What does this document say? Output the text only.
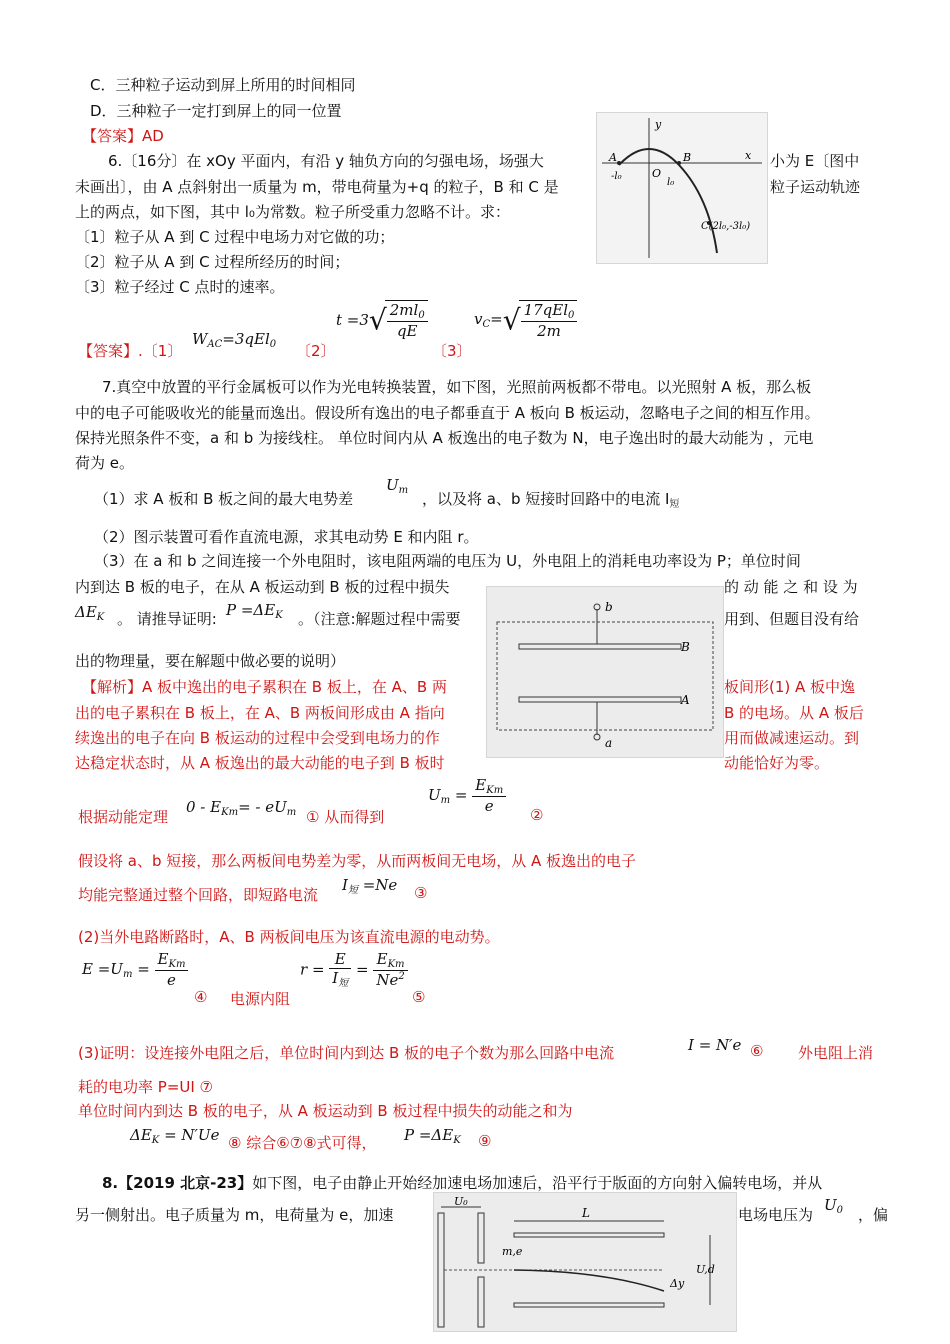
C．三种粒子运动到屏上所用的时间相同
D．三种粒子一定打到屏上的同一位置
【答案】AD
6.〔16分〕在 xOy 平面内，有沿 y 轴负方向的匀强电场，场强大	小为 E〔图中
未画出〕，由 A 点斜射出一质量为 m，带电荷量为+q 的粒子，B 和 C 是	粒子运动轨迹
上的两点，如下图，其中 l₀为常数。粒子所受重力忽略不计。求：
〔1〕粒子从 A 到 C 过程中电场力对它做的功；
〔2〕粒子从 A 到 C 过程所经历的时间；
〔3〕粒子经过 C 点时的速率。
y
x
A	B
O
-l₀
l₀
C(2l₀,-3l₀)
【答案】.〔1〕
$W_{AC}=3qEl_0$ 〔2〕
t =3√
$\frac{2ml_0}{qE}$
〔3〕
$v_C=√$
$\frac{17qEl_0}{2m}$
7.真空中放置的平行金属板可以作为光电转换装置，如下图，光照前两板都不带电。以光照射 A 板，那么板
中的电子可能吸收光的能量而逸出。假设所有逸出的电子都垂直于 A 板向 B 板运动，忽略电子之间的相互作用。
保持光照条件不变，a 和 b 为接线柱。 单位时间内从 A 板逸出的电子数为 N，电子逸出时的最大动能为 ，元电
荷为 e。
（1）求 A 板和 B 板之间的最大电势差
$U_m$ ，以及将 a、b 短接时回路中的电流 $I_短$
（2）图示装置可看作直流电源，求其电动势 E 和内阻 r。
（3）在 a 和 b 之间连接一个外电阻时，该电阻两端的电压为 U，外电阻上的消耗电功率设为 P；单位时间
内到达 B 板的电子，在从 A 板运动到 B 板的过程中损失	的 动 能 之 和 设 为
$\Delta E_K$ 。 请推导证明: $P =\Delta E_K$ 。（注意:解题过程中需要	用到、但题目没有给
出的物理量，要在解题中做必要的说明）
b
a
B
A
【解析】A 板中逸出的电子累积在 B 板上，在 A、B 两	板间形(1) A 板中逸
出的电子累积在 B 板上，在 A、B 两板间形成由 A 指向	B 的电场。从 A 板后
续逸出的电子在向 B 板运动的过程中会受到电场力的作	用而做减速运动。到
达稳定状态时，从 A 板逸出的最大动能的电子到 B 板时	动能恰好为零。
根据动能定理
$0 - E_{Km}= - eU_m$ ① 从而得到
$U_m = \frac{E_{Km}}{e}$ ②
假设将 a、b 短接，那么两板间电势差为零，从而两板间无电场，从 A 板逸出的电子
均能完整通过整个回路，即短路电流
$I_短 =Ne$ ③
(2)当外电路断路时，A、B 两板间电压为该直流电源的电动势。
$E =U_m = \frac{E_{Km}}{e}$
④ 电源内阻
$r = \frac{E}{I_短} = \frac{E_{Km}}{Ne^2}$
⑤
(3)证明：设连接外电阻之后，单位时间内到达 B 板的电子个数为那么回路中电流	I = N′e ⑥ 外电阻上消
耗的电功率 P=UI ⑦
单位时间内到达 B 板的电子，从 A 板运动到 B 板过程中损失的动能之和为
$\Delta E_K = N'Ue$ ⑧ 综合⑥⑦⑧式可得， $P =\Delta E_K$ ⑨
8.【2019 北京-23】如下图，电子由静止开始经加速电场加速后，沿平行于版面的方向射入偏转电场，并从
另一侧射出。电子质量为 m，电荷量为 e，加速	电场电压为
$U_0$ ，偏
U₀
L
m,e
U,d
Δy
